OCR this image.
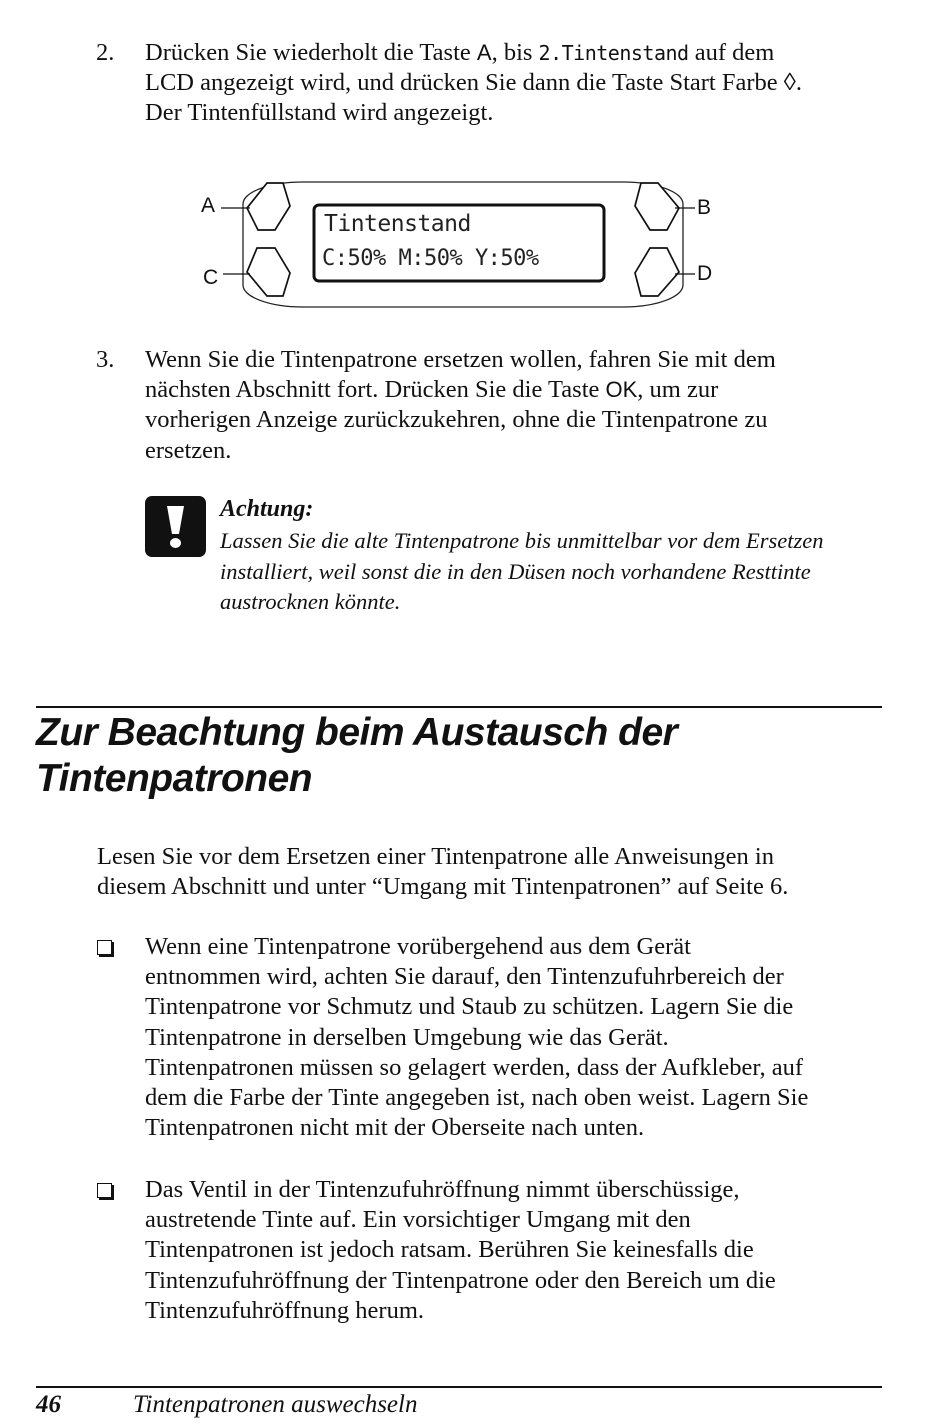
2. Drücken Sie wiederholt die Taste A, bis 2.Tintenstand auf dem
LCD angezeigt wird, und drücken Sie dann die Taste Start Farbe ◊.
Der Tintenfüllstand wird angezeigt.
A
C
B
D
Tintenstand
C:50% M:50% Y:50%
3. Wenn Sie die Tintenpatrone ersetzen wollen, fahren Sie mit dem
nächsten Abschnitt fort. Drücken Sie die Taste OK, um zur
vorherigen Anzeige zurückzukehren, ohne die Tintenpatrone zu
ersetzen.
Achtung:
Lassen Sie die alte Tintenpatrone bis unmittelbar vor dem Ersetzen
installiert, weil sonst die in den Düsen noch vorhandene Resttinte
austrocknen könnte.
Zur Beachtung beim Austausch der
Tintenpatronen
Lesen Sie vor dem Ersetzen einer Tintenpatrone alle Anweisungen in
diesem Abschnitt und unter “Umgang mit Tintenpatronen” auf Seite 6.
Wenn eine Tintenpatrone vorübergehend aus dem Gerät
entnommen wird, achten Sie darauf, den Tintenzufuhrbereich der
Tintenpatrone vor Schmutz und Staub zu schützen. Lagern Sie die
Tintenpatrone in derselben Umgebung wie das Gerät.
Tintenpatronen müssen so gelagert werden, dass der Aufkleber, auf
dem die Farbe der Tinte angegeben ist, nach oben weist. Lagern Sie
Tintenpatronen nicht mit der Oberseite nach unten.
Das Ventil in der Tintenzufuhröffnung nimmt überschüssige,
austretende Tinte auf. Ein vorsichtiger Umgang mit den
Tintenpatronen ist jedoch ratsam. Berühren Sie keinesfalls die
Tintenzufuhröffnung der Tintenpatrone oder den Bereich um die
Tintenzufuhröffnung herum.
46	Tintenpatronen auswechseln
